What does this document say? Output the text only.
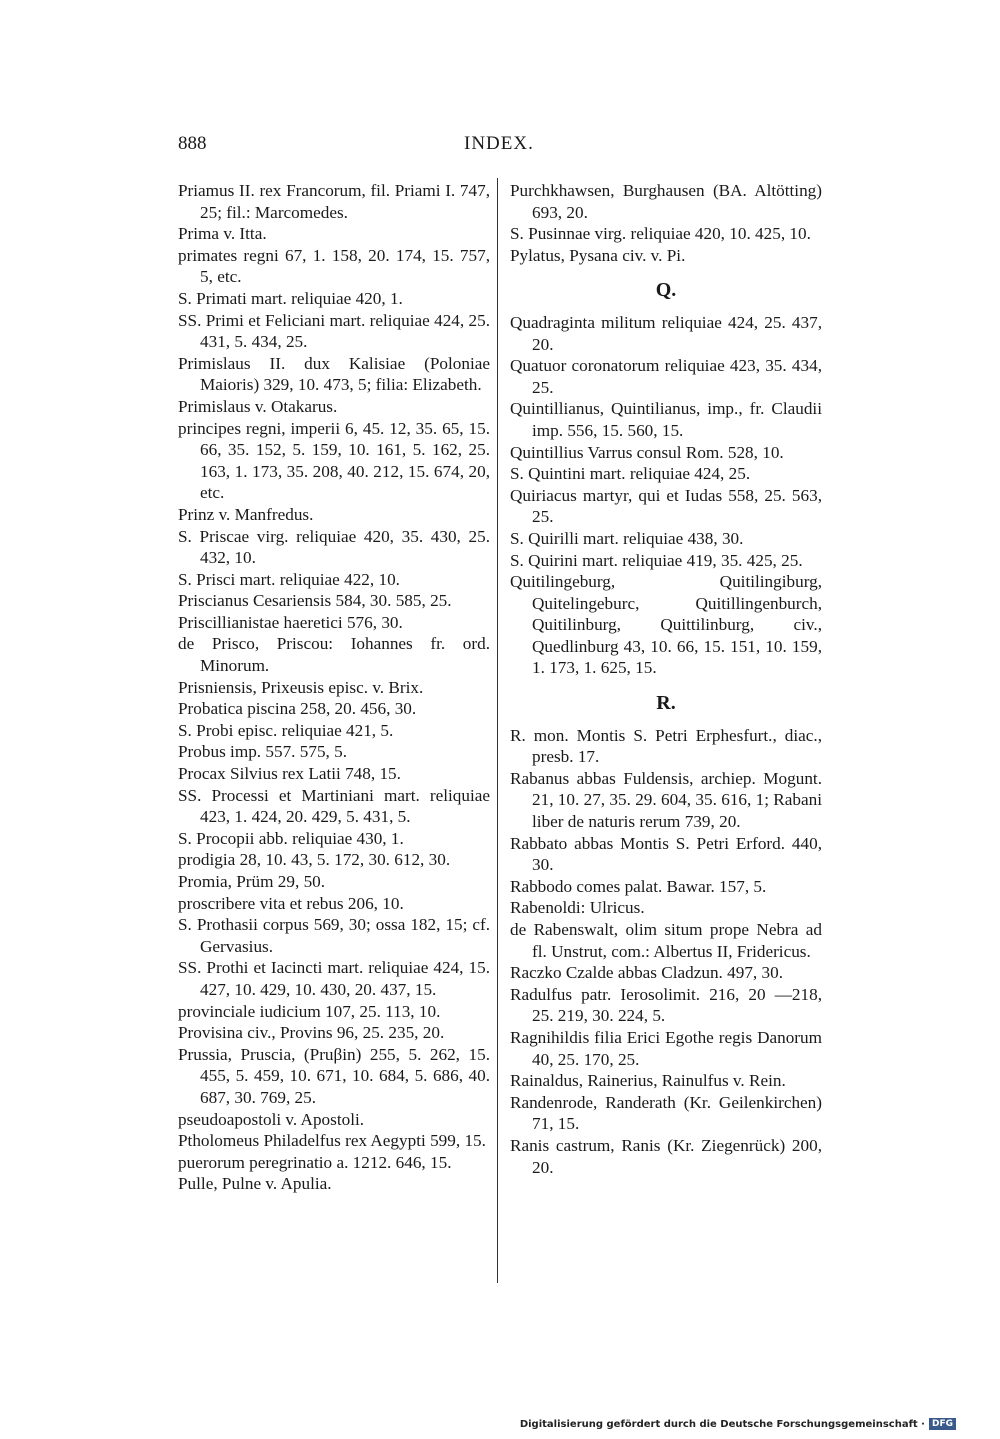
888	INDEX.

Priamus II. rex Francorum, fil. Priami I. 747, 25; fil.: Marcomedes.

Prima v. Itta.

primates regni 67, 1. 158, 20. 174, 15. 757, 5, etc.

S. Primati mart. reliquiae 420, 1.

SS. Primi et Feliciani mart. reliquiae 424, 25. 431, 5. 434, 25.

Primislaus II. dux Kalisiae (Poloniae Maioris) 329, 10. 473, 5; filia: Elizabeth.

Primislaus v. Otakarus.

principes regni, imperii 6, 45. 12, 35. 65, 15. 66, 35. 152, 5. 159, 10. 161, 5. 162, 25. 163, 1. 173, 35. 208, 40. 212, 15. 674, 20, etc.

Prinz v. Manfredus.

S. Priscae virg. reliquiae 420, 35. 430, 25. 432, 10.

S. Prisci mart. reliquiae 422, 10.

Priscianus Cesariensis 584, 30. 585, 25.

Priscillianistae haeretici 576, 30.

de Prisco, Priscou: Iohannes fr. ord. Minorum.

Prisniensis, Prixeusis episc. v. Brix.

Probatica piscina 258, 20. 456, 30.

S. Probi episc. reliquiae 421, 5.

Probus imp. 557. 575, 5.

Procax Silvius rex Latii 748, 15.

SS. Processi et Martiniani mart. reliquiae 423, 1. 424, 20. 429, 5. 431, 5.

S. Procopii abb. reliquiae 430, 1.

prodigia 28, 10. 43, 5. 172, 30. 612, 30.

Promia, Prüm 29, 50.

proscribere vita et rebus 206, 10.

S. Prothasii corpus 569, 30; ossa 182, 15; cf. Gervasius.

SS. Prothi et Iacincti mart. reliquiae 424, 15. 427, 10. 429, 10. 430, 20. 437, 15.

provinciale iudicium 107, 25. 113, 10.

Provisina civ., Provins 96, 25. 235, 20.

Prussia, Pruscia, (Pruβin) 255, 5. 262, 15. 455, 5. 459, 10. 671, 10. 684, 5. 686, 40. 687, 30. 769, 25.

pseudoapostoli v. Apostoli.

Ptholomeus Philadelfus rex Aegypti 599, 15.

puerorum peregrinatio a. 1212. 646, 15.

Pulle, Pulne v. Apulia.

Purchkhawsen, Burghausen (BA. Altötting) 693, 20.

S. Pusinnae virg. reliquiae 420, 10. 425, 10.

Pylatus, Pysana civ. v. Pi.

Q.

Quadraginta militum reliquiae 424, 25. 437, 20.

Quatuor coronatorum reliquiae 423, 35. 434, 25.

Quintillianus, Quintilianus, imp., fr. Claudii imp. 556, 15. 560, 15.

Quintillius Varrus consul Rom. 528, 10.

S. Quintini mart. reliquiae 424, 25.

Quiriacus martyr, qui et Iudas 558, 25. 563, 25.

S. Quirilli mart. reliquiae 438, 30.

S. Quirini mart. reliquiae 419, 35. 425, 25.

Quitilingeburg, Quitilingiburg, Quitelingeburc, Quitillingenburch, Quitilinburg, Quittilinburg, civ., Quedlinburg 43, 10. 66, 15. 151, 10. 159, 1. 173, 1. 625, 15.

R.

R. mon. Montis S. Petri Erphesfurt., diac., presb. 17.

Rabanus abbas Fuldensis, archiep. Mogunt. 21, 10. 27, 35. 29. 604, 35. 616, 1; Rabani liber de naturis rerum 739, 20.

Rabbato abbas Montis S. Petri Erford. 440, 30.

Rabbodo comes palat. Bawar. 157, 5.

Rabenoldi: Ulricus.

de Rabenswalt, olim situm prope Nebra ad fl. Unstrut, com.: Albertus II, Fridericus.

Raczko Czalde abbas Cladzun. 497, 30.

Radulfus patr. Ierosolimit. 216, 20 —218, 25. 219, 30. 224, 5.

Ragnihildis filia Erici Egothe regis Danorum 40, 25. 170, 25.

Rainaldus, Rainerius, Rainulfus v. Rein.

Randenrode, Randerath (Kr. Geilenkirchen) 71, 15.

Ranis castrum, Ranis (Kr. Ziegenrück) 200, 20.

Digitalisierung gefördert durch die Deutsche Forschungsgemeinschaft · DFG
